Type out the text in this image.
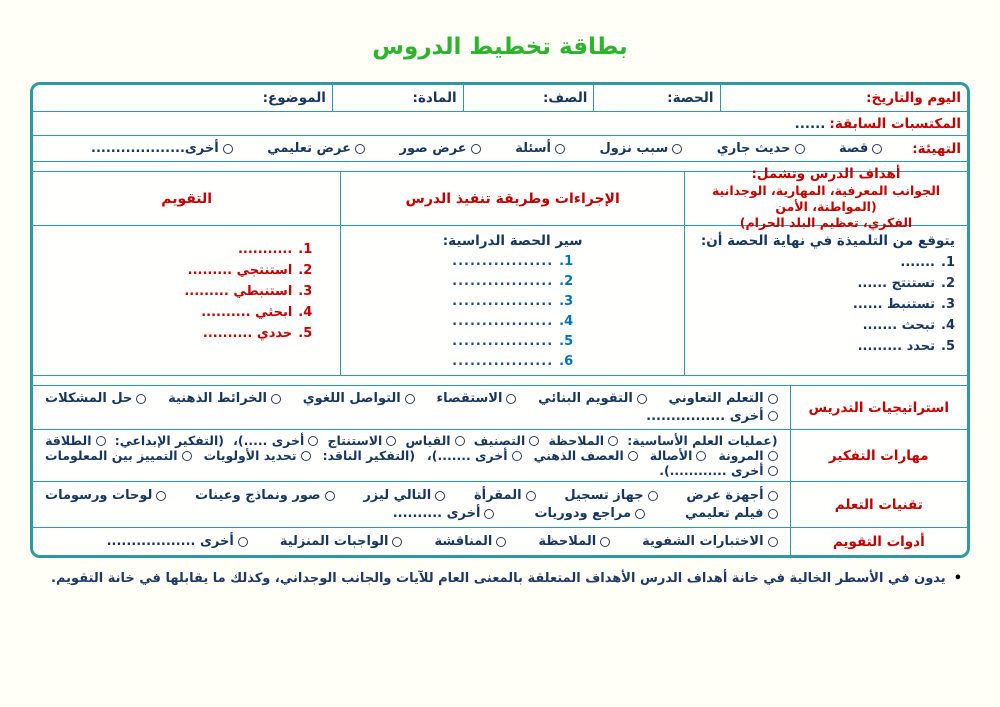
بطاقة تخطيط الدروس
اليوم والتاريخ:
الحصة:
الصف:
المادة:
الموضوع:
المكتسبات السابقة:
......
التهيئة:
قصة
حديث جاري
سبب نزول
أسئلة
عرض صور
عرض تعليمي
أخرى...................
أهداف الدرس وتشمل:
الجوانب المعرفية، المهارية، الوجدانية (المواطنة، الأمن
الفكري، تعظيم البلد الحرام)
الإجراءات وطريقة تنفيذ الدرس
التقويم
يتوقع من التلميذة في نهاية الحصة أن:
1.
.......
2.
تستنتج ......
3.
تستنبط ......
4.
تبحث .......
5.
تحدد .........
سير الحصة الدراسية:
1.
.................
2.
.................
3.
.................
4.
.................
5.
.................
6.
.................
1.
...........
2.
استنتجي .........
3.
استنبطي .........
4.
ابحثي ..........
5.
حددي ..........
استراتيجيات التدريس
التعلم التعاوني
التقويم البنائي
الاستقصاء
التواصل اللغوي
الخرائط الذهنية
حل المشكلات
أخرى ................
مهارات التفكير
(عمليات العلم الأساسية:
الملاحظة
التصنيف
القياس
الاستنتاج
أخرى .....)،
(التفكير الإبداعي:
الطلاقة
المرونة
الأصالة
العصف الذهني
أخرى .......)،
(التفكير الناقد:
تحديد الأولويات
التمييز بين المعلومات
أخرى ............).
تقنيات التعلم
أجهزة عرض
جهاز تسجيل
المقرأة
التالي ليزر
صور ونماذج وعينات
لوحات ورسومات
فيلم تعليمي
مراجع ودوريات
أخرى ..........
أدوات التقويم
الاختبارات الشفوية
الملاحظة
المناقشة
الواجبات المنزلية
أخرى ..................
•
يدون في الأسطر الخالية في خانة أهداف الدرس الأهداف المتعلقة بالمعنى العام للآيات والجانب الوجداني، وكذلك ما يقابلها في خانة التقويم.
